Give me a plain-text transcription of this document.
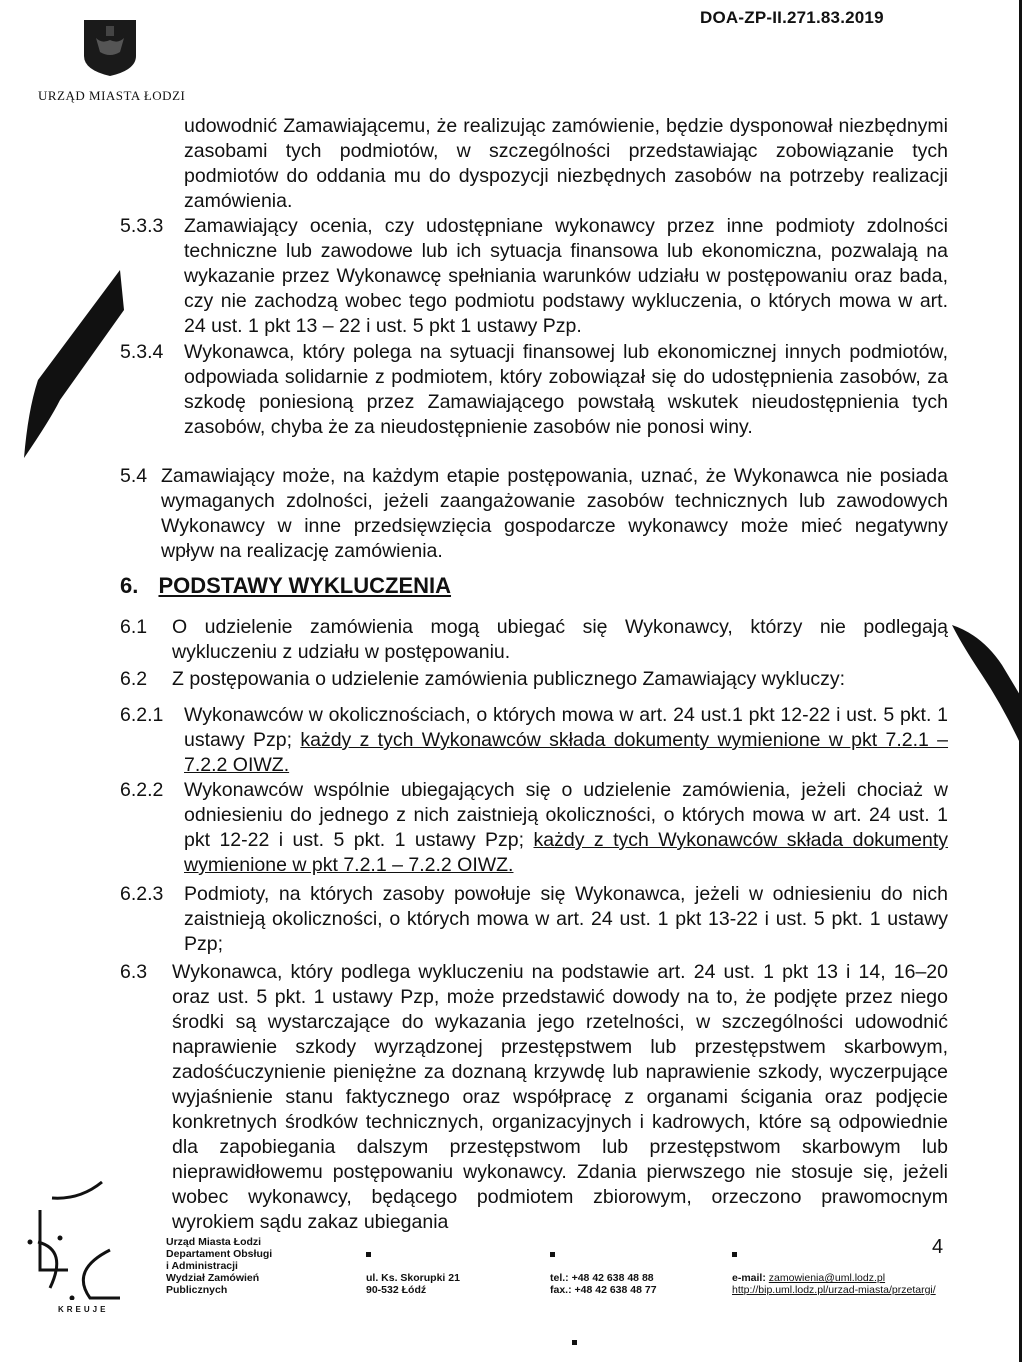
DOA-ZP-II.271.83.2019
URZĄD MIASTA ŁODZI
udowodnić Zamawiającemu, że realizując zamówienie, będzie dysponował niezbędnymi zasobami tych podmiotów, w szczególności przedstawiając zobowiązanie tych podmiotów do oddania mu do dyspozycji niezbędnych zasobów na potrzeby realizacji zamówienia.
5.3.3 Zamawiający ocenia, czy udostępniane wykonawcy przez inne podmioty zdolności techniczne lub zawodowe lub ich sytuacja finansowa lub ekonomiczna, pozwalają na wykazanie przez Wykonawcę spełniania warunków udziału w postępowaniu oraz bada, czy nie zachodzą wobec tego podmiotu podstawy wykluczenia, o których mowa w art. 24 ust. 1 pkt 13 – 22 i ust. 5 pkt 1 ustawy Pzp.
5.3.4 Wykonawca, który polega na sytuacji finansowej lub ekonomicznej innych podmiotów, odpowiada solidarnie z podmiotem, który zobowiązał się do udostępnienia zasobów, za szkodę poniesioną przez Zamawiającego powstałą wskutek nieudostępnienia tych zasobów, chyba że za nieudostępnienie zasobów nie ponosi winy.
5.4 Zamawiający może, na każdym etapie postępowania, uznać, że Wykonawca nie posiada wymaganych zdolności, jeżeli zaangażowanie zasobów technicznych lub zawodowych Wykonawcy w inne przedsięwzięcia gospodarcze wykonawcy może mieć negatywny wpływ na realizację zamówienia.
6. PODSTAWY WYKLUCZENIA
6.1 O udzielenie zamówienia mogą ubiegać się Wykonawcy, którzy nie podlegają wykluczeniu z udziału w postępowaniu.
6.2 Z postępowania o udzielenie zamówienia publicznego Zamawiający wykluczy:
6.2.1 Wykonawców w okolicznościach, o których mowa w art. 24 ust.1 pkt 12-22 i ust. 5 pkt. 1 ustawy Pzp; każdy z tych Wykonawców składa dokumenty wymienione w pkt 7.2.1 – 7.2.2 OIWZ.
6.2.2 Wykonawców wspólnie ubiegających się o udzielenie zamówienia, jeżeli chociaż w odniesieniu do jednego z nich zaistnieją okoliczności, o których mowa w art. 24 ust. 1 pkt 12-22 i ust. 5 pkt. 1 ustawy Pzp; każdy z tych Wykonawców składa dokumenty wymienione w pkt 7.2.1 – 7.2.2 OIWZ.
6.2.3 Podmioty, na których zasoby powołuje się Wykonawca, jeżeli w odniesieniu do nich zaistnieją okoliczności, o których mowa w art. 24 ust. 1 pkt 13-22 i ust. 5 pkt. 1 ustawy Pzp;
6.3 Wykonawca, który podlega wykluczeniu na podstawie art. 24 ust. 1 pkt 13 i 14, 16–20 oraz ust. 5 pkt. 1 ustawy Pzp, może przedstawić dowody na to, że podjęte przez niego środki są wystarczające do wykazania jego rzetelności, w szczególności udowodnić naprawienie szkody wyrządzonej przestępstwem lub przestępstwem skarbowym, zadośćuczynienie pieniężne za doznaną krzywdę lub naprawienie szkody, wyczerpujące wyjaśnienie stanu faktycznego oraz współpracę z organami ścigania oraz podjęcie konkretnych środków technicznych, organizacyjnych i kadrowych, które są odpowiednie dla zapobiegania dalszym przestępstwom lub przestępstwom skarbowym lub nieprawidłowemu postępowaniu wykonawcy. Zdania pierwszego nie stosuje się, jeżeli wobec wykonawcy, będącego podmiotem zbiorowym, orzeczono prawomocnym wyrokiem sądu zakaz ubiegania
KREUJE
Urząd Miasta Łodzi
Departament Obsługi
i Administracji
Wydział Zamówień
Publicznych
ul. Ks. Skorupki 21
90-532 Łódź
tel.: +48 42 638 48 88
fax.: +48 42 638 48 77
e-mail: zamowienia@uml.lodz.pl
http://bip.uml.lodz.pl/urzad-miasta/przetargi/
4
